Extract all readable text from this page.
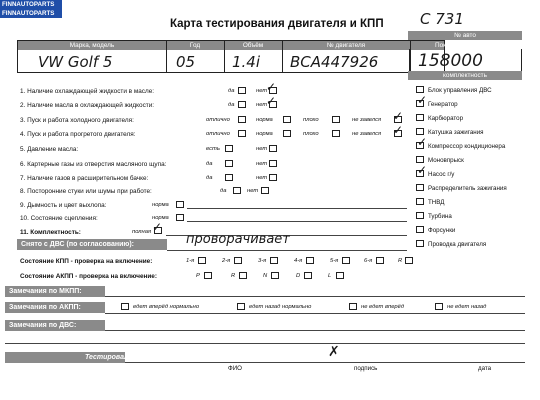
FINNAUTOPARTS
FINNAUTOPARTS
Карта тестирования двигателя и КПП С 731
№ авто
Марка, модель	Год	Объём	№ двигателя	Показание одометра
VW Golf 5	05 1.4i BCA447926 158000
комплектность
1. Наличие охлаждающей жидкости в масле:	да	нет
✓
2. Наличие масла в охлаждающей жидкости:	да	нет
✓
3. Пуск и работа холодного двигателя:	отлично	норма	плохо	не завелся ✓
4. Пуск и работа прогретого двигателя:	отлично	норма	плохо	не завелся ✓
5. Давление масла:	есть	нет
6. Картерные газы из отверстия масляного щупа:	да	нет
7. Наличие газов в расширительном бачке:	да	нет
8. Посторонние стуки или шумы при работе:	да	нет
9. Дымность и цвет выхлопа:	норма
10. Состояние сцепления:	норма
11. Комплектность:	полная ✓
Блок управления ДВС
✓ Генератор
Карбюратор
Катушка зажигания
✓ Компрессор кондиционера
Моновпрыск
✓ Насос г/у
Распределитель зажигания
ТНВД
Турбина
Форсунки
Проводка двигателя
Снято с ДВС (по согласованию):	проворачивает
Состояние КПП - проверка на включение:	1-я	2-я	3-я	4-я	5-я	6-я	R
Состояние АКПП - проверка на включение:	P	R	N	D	L
Замечания по МКПП:
Замечания по АКПП:	едет вперёд нормально	едет назад нормально	не едет вперёд	не едет назад
Замечания по ДВС:
Тестировал.	✗
ФИО	подпись	дата
